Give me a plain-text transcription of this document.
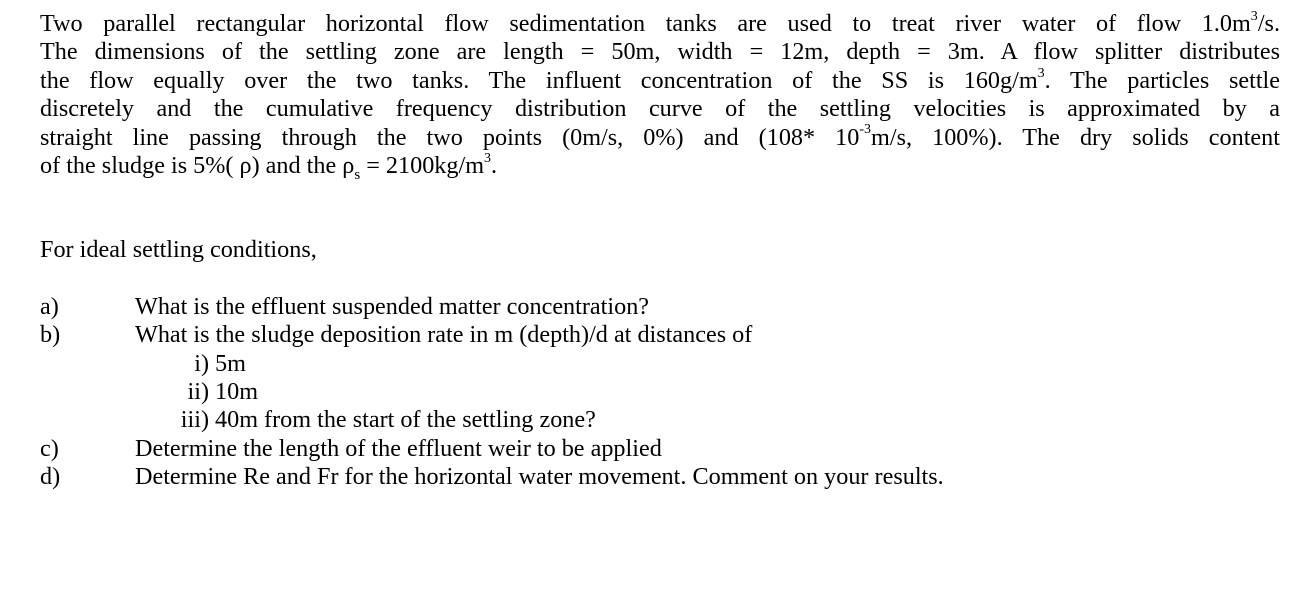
Two parallel rectangular horizontal flow sedimentation tanks are used to treat river water of flow $1.0m^3/s$.
The dimensions of the settling zone are length = 50m, width = 12m, depth = 3m. A flow splitter distributes
the flow equally over the two tanks. The influent concentration of the SS is $160g/m^3$. The particles settle
discretely and the cumulative frequency distribution curve of the settling velocities is approximated by a
straight line passing through the two points (0m/s, 0%) and (108* $10^{-3}m/s$, 100%). The dry solids content
of the sludge is 5%( ρ) and the $\rho_s = 2100kg/m^3$.
For ideal settling conditions,
a)	What is the effluent suspended matter concentration?
b)	What is the sludge deposition rate in m (depth)/d at distances of
i) 5m
ii) 10m
iii) 40m from the start of the settling zone?
c)	Determine the length of the effluent weir to be applied
d)	Determine Re and Fr for the horizontal water movement. Comment on your results.
